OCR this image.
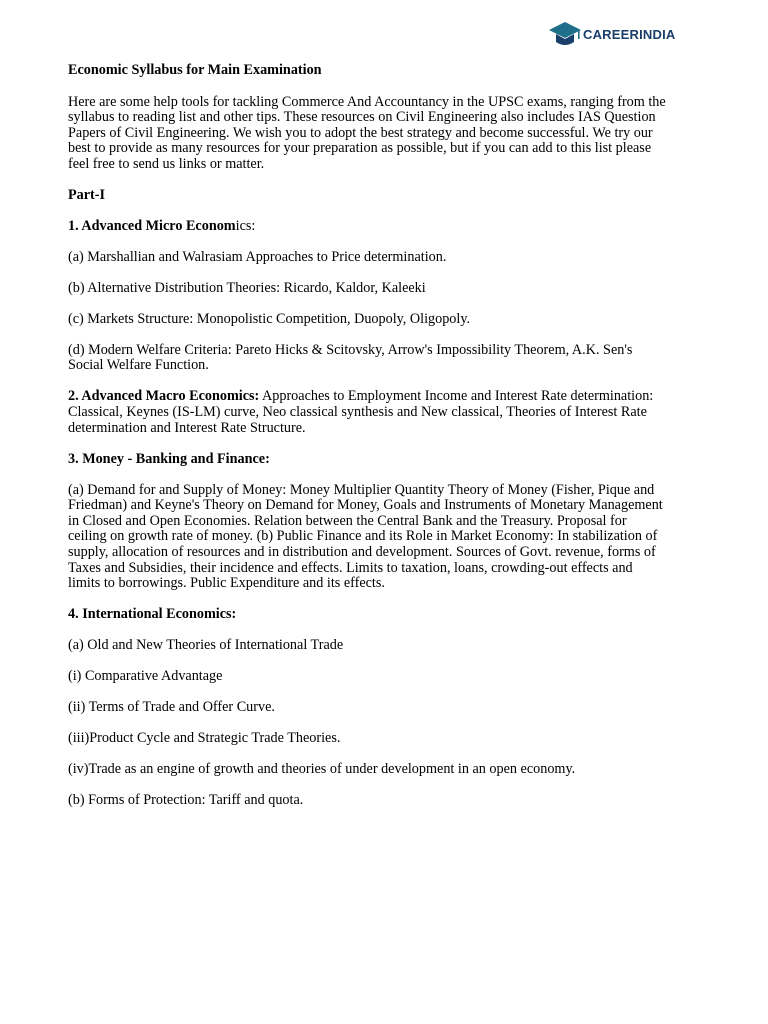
CAREERINDIA

Economic Syllabus for Main Examination

Here are some help tools for tackling Commerce And Accountancy in the UPSC exams, ranging from the syllabus to reading list and other tips. These resources on Civil Engineering also includes IAS Question Papers of Civil Engineering. We wish you to adopt the best strategy and become successful. We try our best to provide as many resources for your preparation as possible, but if you can add to this list please feel free to send us links or matter.

Part-I

1. Advanced Micro Economics:

(a) Marshallian and Walrasiam Approaches to Price determination.

(b) Alternative Distribution Theories: Ricardo, Kaldor, Kaleeki

(c) Markets Structure: Monopolistic Competition, Duopoly, Oligopoly.

(d) Modern Welfare Criteria: Pareto Hicks & Scitovsky, Arrow's Impossibility Theorem, A.K. Sen's Social Welfare Function.

2. Advanced Macro Economics: Approaches to Employment Income and Interest Rate determination: Classical, Keynes (IS-LM) curve, Neo classical synthesis and New classical, Theories of Interest Rate determination and Interest Rate Structure.

3. Money - Banking and Finance:

(a) Demand for and Supply of Money: Money Multiplier Quantity Theory of Money (Fisher, Pique and Friedman) and Keyne's Theory on Demand for Money, Goals and Instruments of Monetary Management in Closed and Open Economies. Relation between the Central Bank and the Treasury. Proposal for ceiling on growth rate of money. (b) Public Finance and its Role in Market Economy: In stabilization of supply, allocation of resources and in distribution and development. Sources of Govt. revenue, forms of Taxes and Subsidies, their incidence and effects. Limits to taxation, loans, crowding-out effects and limits to borrowings. Public Expenditure and its effects.

4. International Economics:

(a) Old and New Theories of International Trade

(i) Comparative Advantage

(ii) Terms of Trade and Offer Curve.

(iii)Product Cycle and Strategic Trade Theories.

(iv)Trade as an engine of growth and theories of under development in an open economy.

(b) Forms of Protection: Tariff and quota.
